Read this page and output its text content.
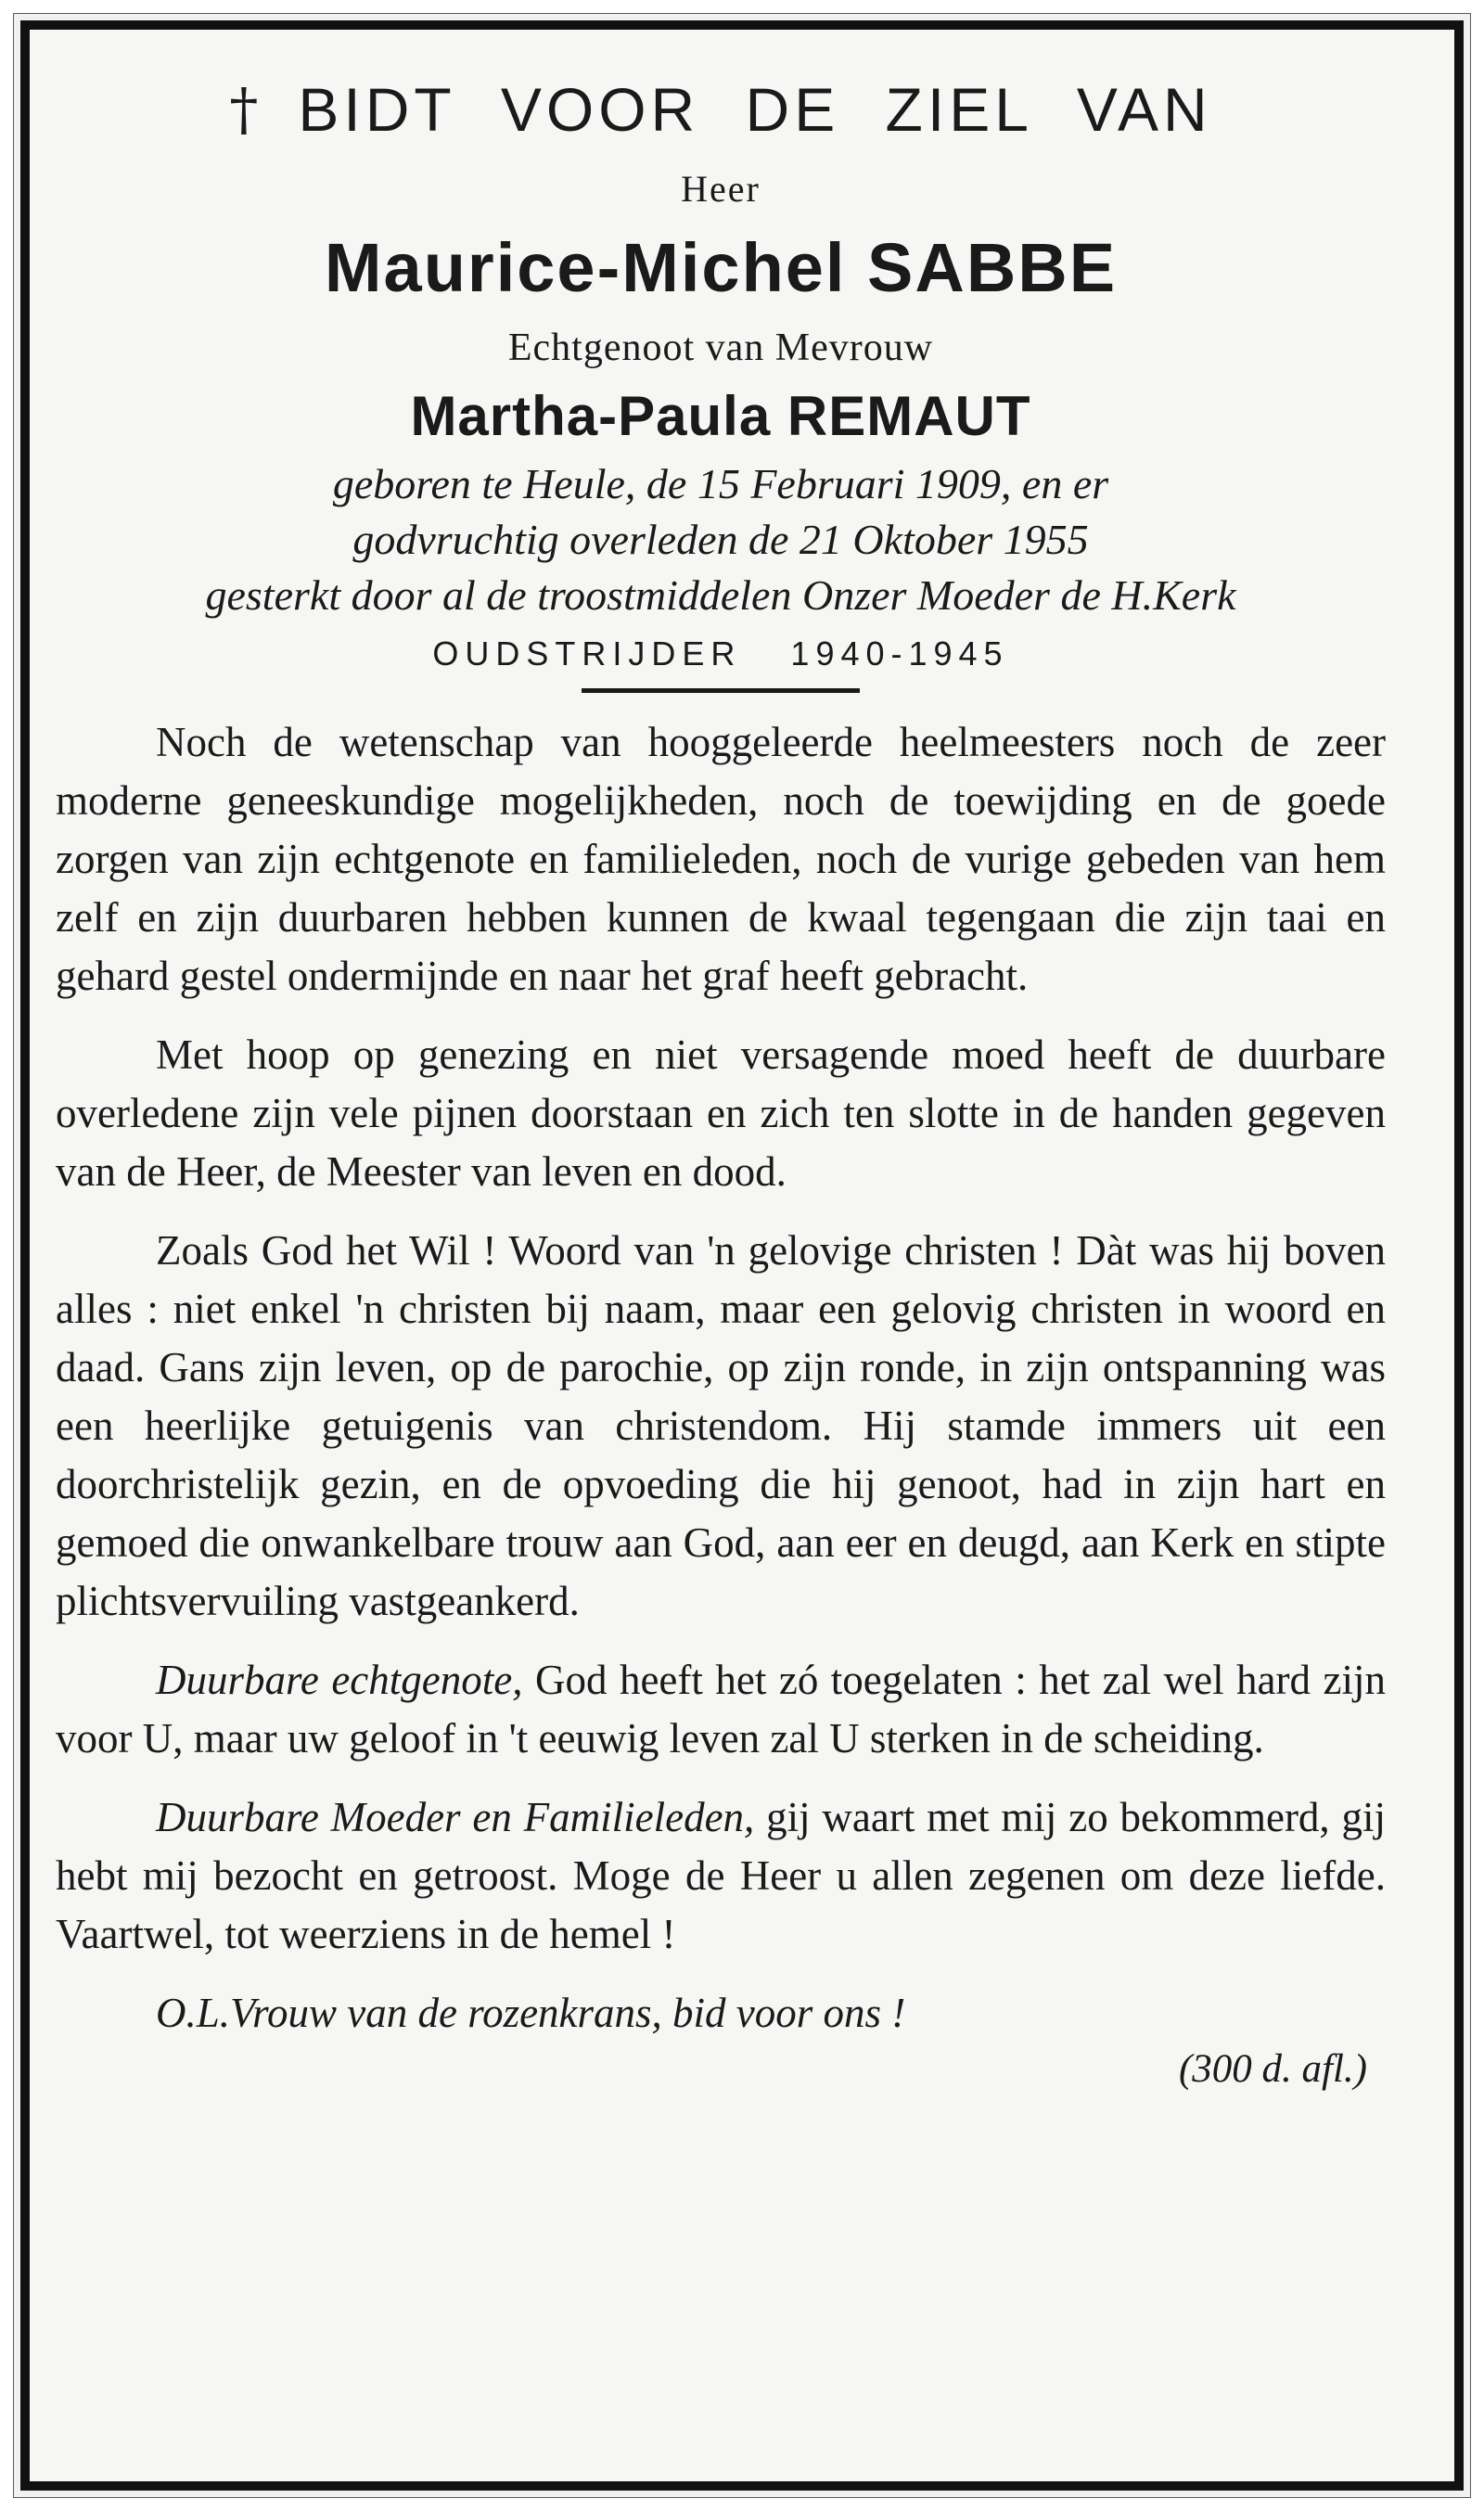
† BIDT VOOR DE ZIEL VAN
Heer
Maurice-Michel SABBE
Echtgenoot van Mevrouw
Martha-Paula REMAUT
geboren te Heule, de 15 Februari 1909, en er
godvruchtig overleden de 21 Oktober 1955
gesterkt door al de troostmiddelen Onzer Moeder de H.Kerk
OUDSTRIJDER 1940-1945

Noch de wetenschap van hooggeleerde heelmeesters noch de zeer moderne geneeskundige mogelijkheden, noch de toewijding en de goede zorgen van zijn echtgenote en familieleden, noch de vurige gebeden van hem zelf en zijn duurbaren hebben kunnen de kwaal tegengaan die zijn taai en gehard gestel ondermijnde en naar het graf heeft gebracht.

Met hoop op genezing en niet versagende moed heeft de duurbare overledene zijn vele pijnen doorstaan en zich ten slotte in de handen gegeven van de Heer, de Meester van leven en dood.

Zoals God het Wil ! Woord van 'n gelovige christen ! Dàt was hij boven alles : niet enkel 'n christen bij naam, maar een gelovig christen in woord en daad. Gans zijn leven, op de parochie, op zijn ronde, in zijn ontspanning was een heerlijke getuigenis van christendom. Hij stamde immers uit een doorchristelijk gezin, en de opvoeding die hij genoot, had in zijn hart en gemoed die onwankelbare trouw aan God, aan eer en deugd, aan Kerk en stipte plichtsvervuiling vastgeankerd.

Duurbare echtgenote, God heeft het zó toegelaten : het zal wel hard zijn voor U, maar uw geloof in 't eeuwig leven zal U sterken in de scheiding.

Duurbare Moeder en Familieleden, gij waart met mij zo bekommerd, gij hebt mij bezocht en getroost. Moge de Heer u allen zegenen om deze liefde. Vaartwel, tot weerziens in de hemel !

O.L.Vrouw van de rozenkrans, bid voor ons !
(300 d. afl.)
